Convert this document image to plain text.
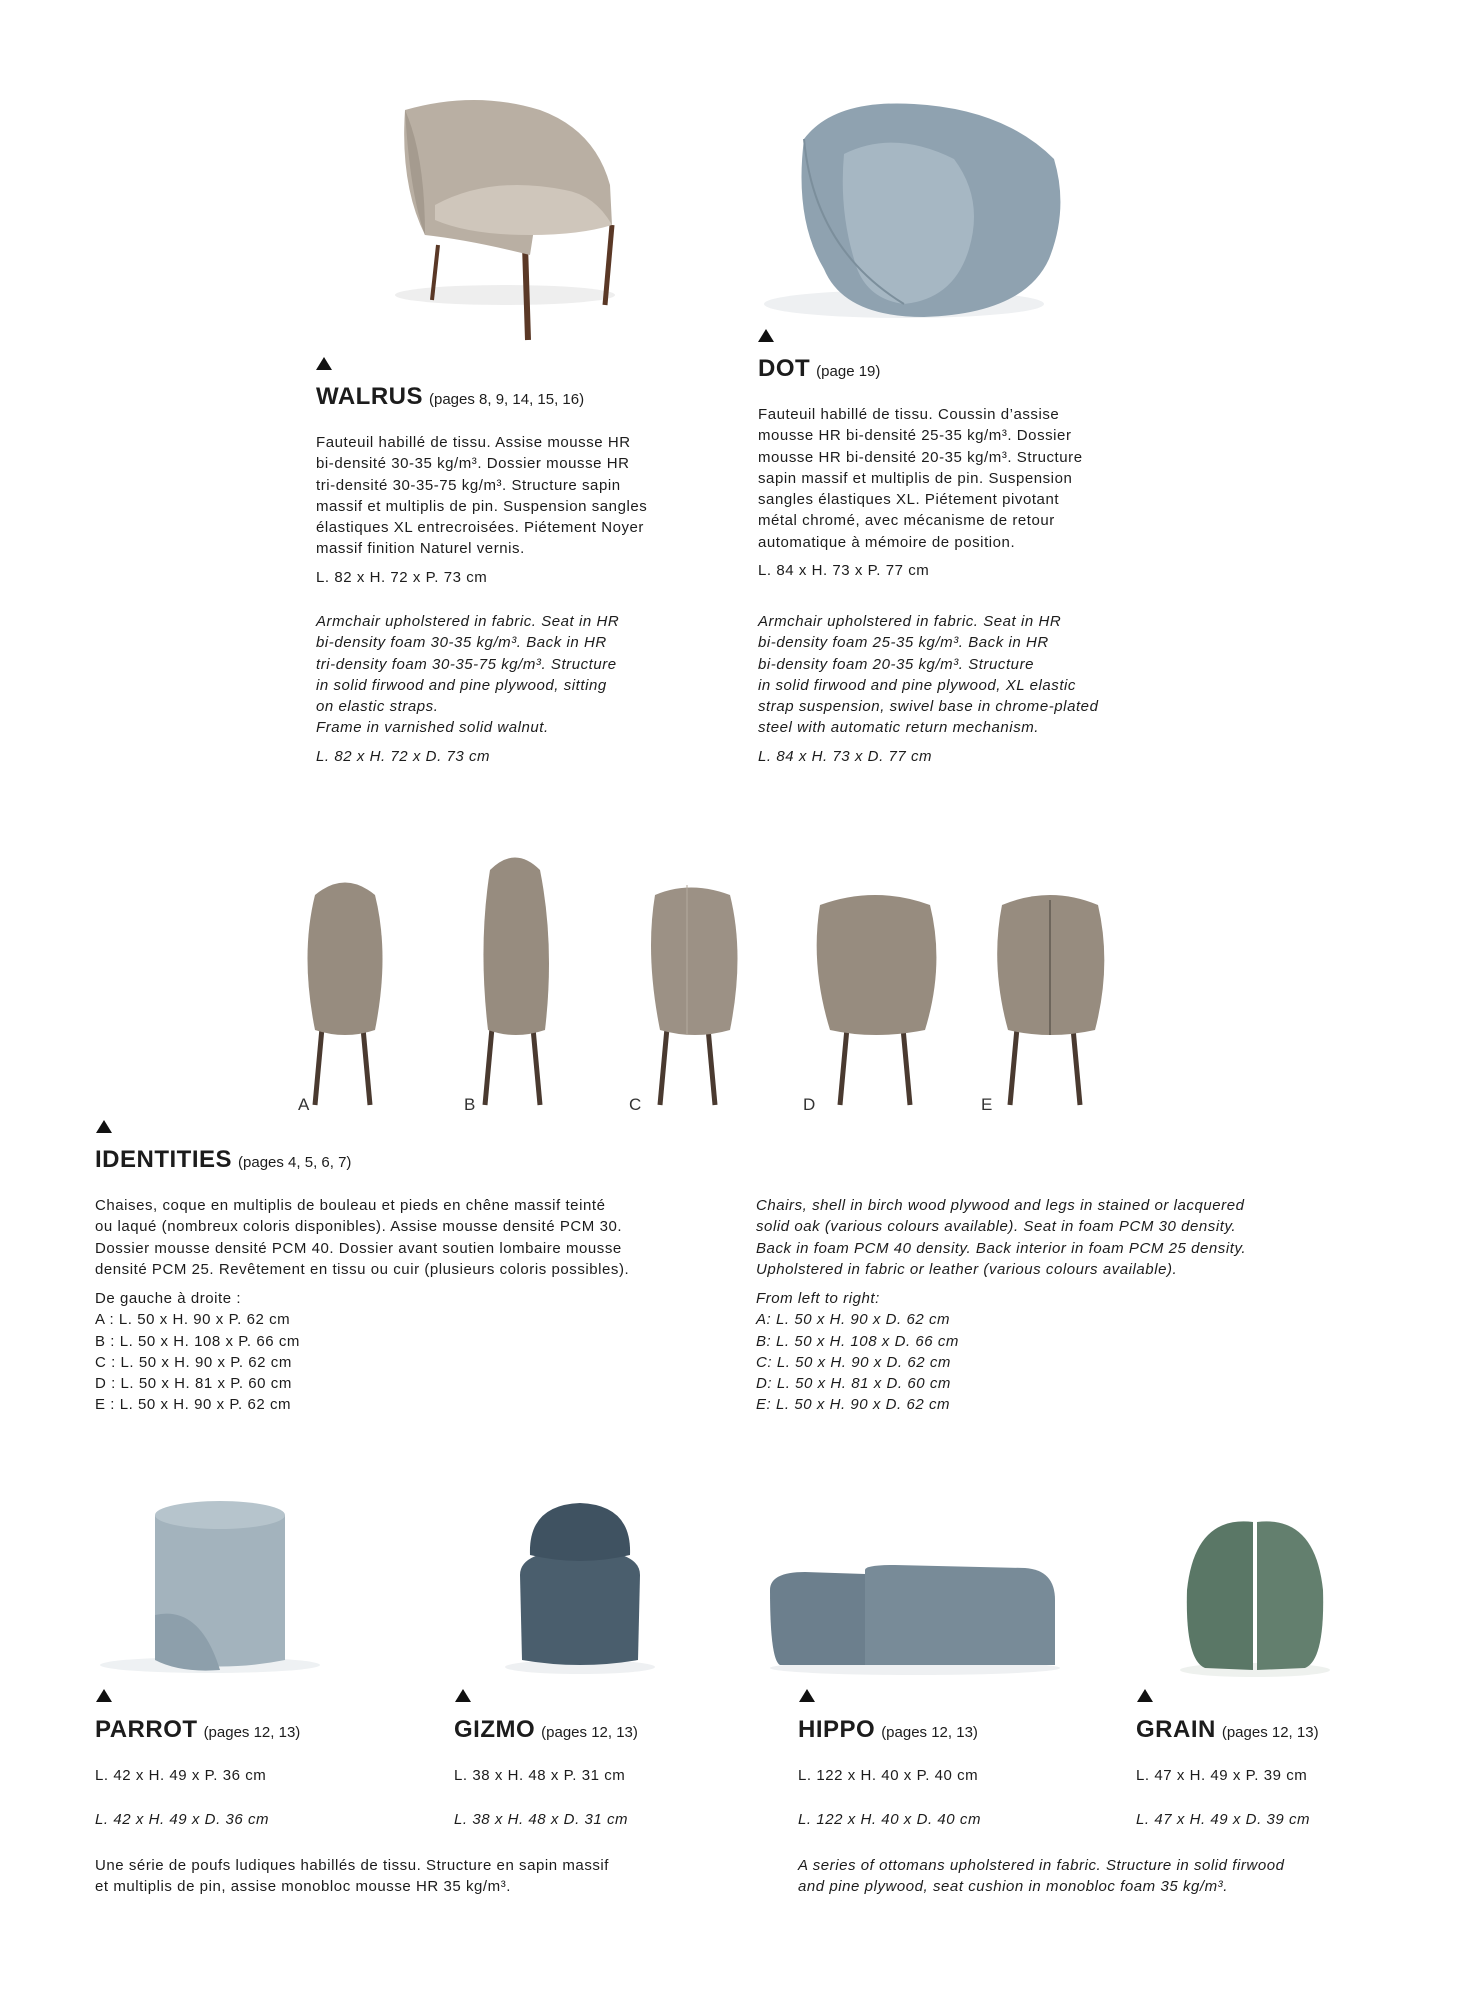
WALRUS (pages 8, 9, 14, 15, 16)
Fauteuil habillé de tissu. Assise mousse HR
bi-densité 30-35 kg/m³. Dossier mousse HR
tri-densité 30-35-75 kg/m³. Structure sapin
massif et multiplis de pin. Suspension sangles
élastiques XL entrecroisées. Piétement Noyer
massif finition Naturel vernis.
L. 82 x H. 72 x P. 73 cm
Armchair upholstered in fabric. Seat in HR
bi-density foam 30-35 kg/m³. Back in HR
tri-density foam 30-35-75 kg/m³. Structure
in solid firwood and pine plywood, sitting
on elastic straps.
Frame in varnished solid walnut.
L. 82 x H. 72 x D. 73 cm
DOT (page 19)
Fauteuil habillé de tissu. Coussin d’assise
mousse HR bi-densité 25-35 kg/m³. Dossier
mousse HR bi-densité 20-35 kg/m³. Structure
sapin massif et multiplis de pin. Suspension
sangles élastiques XL. Piétement pivotant
métal chromé, avec mécanisme de retour
automatique à mémoire de position.
L. 84 x H. 73 x P. 77 cm
Armchair upholstered in fabric. Seat in HR
bi-density foam 25-35 kg/m³. Back in HR
bi-density foam 20-35 kg/m³. Structure
in solid firwood and pine plywood, XL elastic
strap suspension, swivel base in chrome-plated
steel with automatic return mechanism.
L. 84 x H. 73 x D. 77 cm
A	B	C	D	E
IDENTITIES (pages 4, 5, 6, 7)
Chaises, coque en multiplis de bouleau et pieds en chêne massif teinté
ou laqué (nombreux coloris disponibles). Assise mousse densité PCM 30.
Dossier mousse densité PCM 40. Dossier avant soutien lombaire mousse
densité PCM 25. Revêtement en tissu ou cuir (plusieurs coloris possibles).
De gauche à droite :
A : L. 50 x H. 90 x P. 62 cm
B : L. 50 x H. 108 x P. 66 cm
C : L. 50 x H. 90 x P. 62 cm
D : L. 50 x H. 81 x P. 60 cm
E : L. 50 x H. 90 x P. 62 cm
Chairs, shell in birch wood plywood and legs in stained or lacquered
solid oak (various colours available). Seat in foam PCM 30 density.
Back in foam PCM 40 density. Back interior in foam PCM 25 density.
Upholstered in fabric or leather (various colours available).
From left to right:
A: L. 50 x H. 90 x D. 62 cm
B: L. 50 x H. 108 x D. 66 cm
C: L. 50 x H. 90 x D. 62 cm
D: L. 50 x H. 81 x D. 60 cm
E: L. 50 x H. 90 x D. 62 cm
PARROT (pages 12, 13)	GIZMO (pages 12, 13)	HIPPO (pages 12, 13)	GRAIN (pages 12, 13)
L. 42 x H. 49 x P. 36 cm	L. 38 x H. 48 x P. 31 cm	L. 122 x H. 40 x P. 40 cm	L. 47 x H. 49 x P. 39 cm
L. 42 x H. 49 x D. 36 cm	L. 38 x H. 48 x D. 31 cm	L. 122 x H. 40 x D. 40 cm	L. 47 x H. 49 x D. 39 cm
Une série de poufs ludiques habillés de tissu. Structure en sapin massif
et multiplis de pin, assise monobloc mousse HR 35 kg/m³.
A series of ottomans upholstered in fabric. Structure in solid firwood
and pine plywood, seat cushion in monobloc foam 35 kg/m³.
